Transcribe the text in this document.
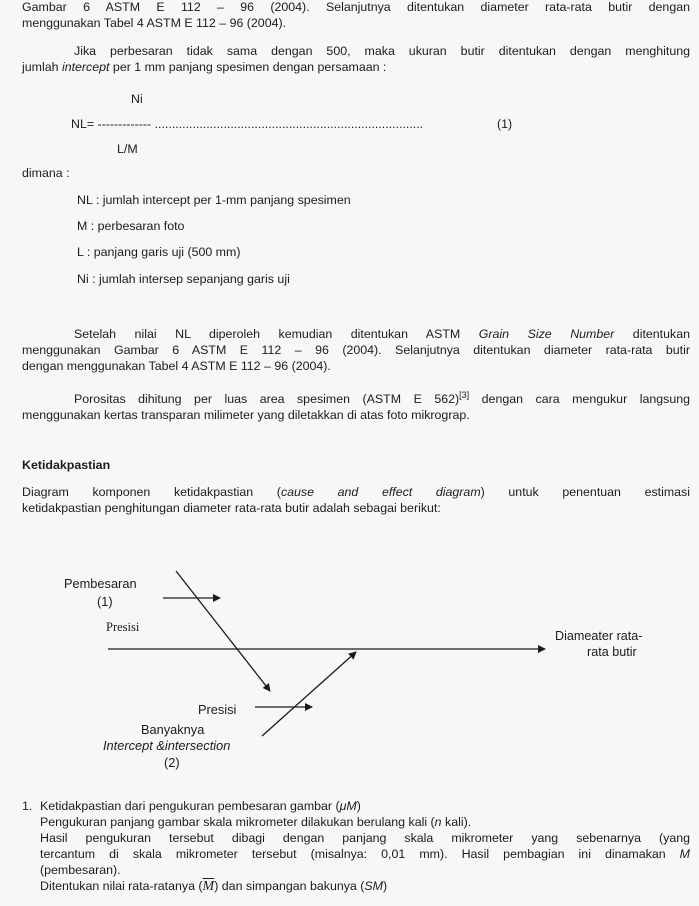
Gambar 6 ASTM E 112 – 96 (2004). Selanjutnya ditentukan diameter rata-rata butir dengan
menggunakan Tabel 4 ASTM E 112 – 96 (2004).
Jika perbesaran tidak sama dengan 500, maka ukuran butir ditentukan dengan menghitung
jumlah intercept per 1 mm panjang spesimen dengan persamaan :
Ni
NL= ------------- ..............................................................................	(1)
L/M
dimana :
NL : jumlah intercept per 1-mm panjang spesimen
M : perbesaran foto
L : panjang garis uji (500 mm)
Ni : jumlah intersep sepanjang garis uji
Setelah nilai NL diperoleh kemudian ditentukan ASTM Grain Size Number ditentukan
menggunakan Gambar 6 ASTM E 112 – 96 (2004). Selanjutnya ditentukan diameter rata-rata butir
dengan menggunakan Tabel 4 ASTM E 112 – 96 (2004).
Porositas dihitung per luas area spesimen (ASTM E 562)[3] dengan cara mengukur langsung
menggunakan kertas transparan milimeter yang diletakkan di atas foto mikrograp.
Ketidakpastian
Diagram komponen ketidakpastian (cause and effect diagram) untuk penentuan estimasi
ketidakpastian penghitungan diameter rata-rata butir adalah sebagai berikut:
Pembesaran
(1)
Presisi
Diameater rata-
rata butir
Presisi
Banyaknya
Intercept &intersection
(2)
1. Ketidakpastian dari pengukuran pembesaran gambar (μM)
Pengukuran panjang gambar skala mikrometer dilakukan berulang kali (n kali).
Hasil pengukuran tersebut dibagi dengan panjang skala mikrometer yang sebenarnya (yang
tercantum di skala mikrometer tersebut (misalnya: 0,01 mm). Hasil pembagian ini dinamakan M
(pembesaran).
Ditentukan nilai rata-ratanya $(\overline{M})$ dan simpangan bakunya (SM)
